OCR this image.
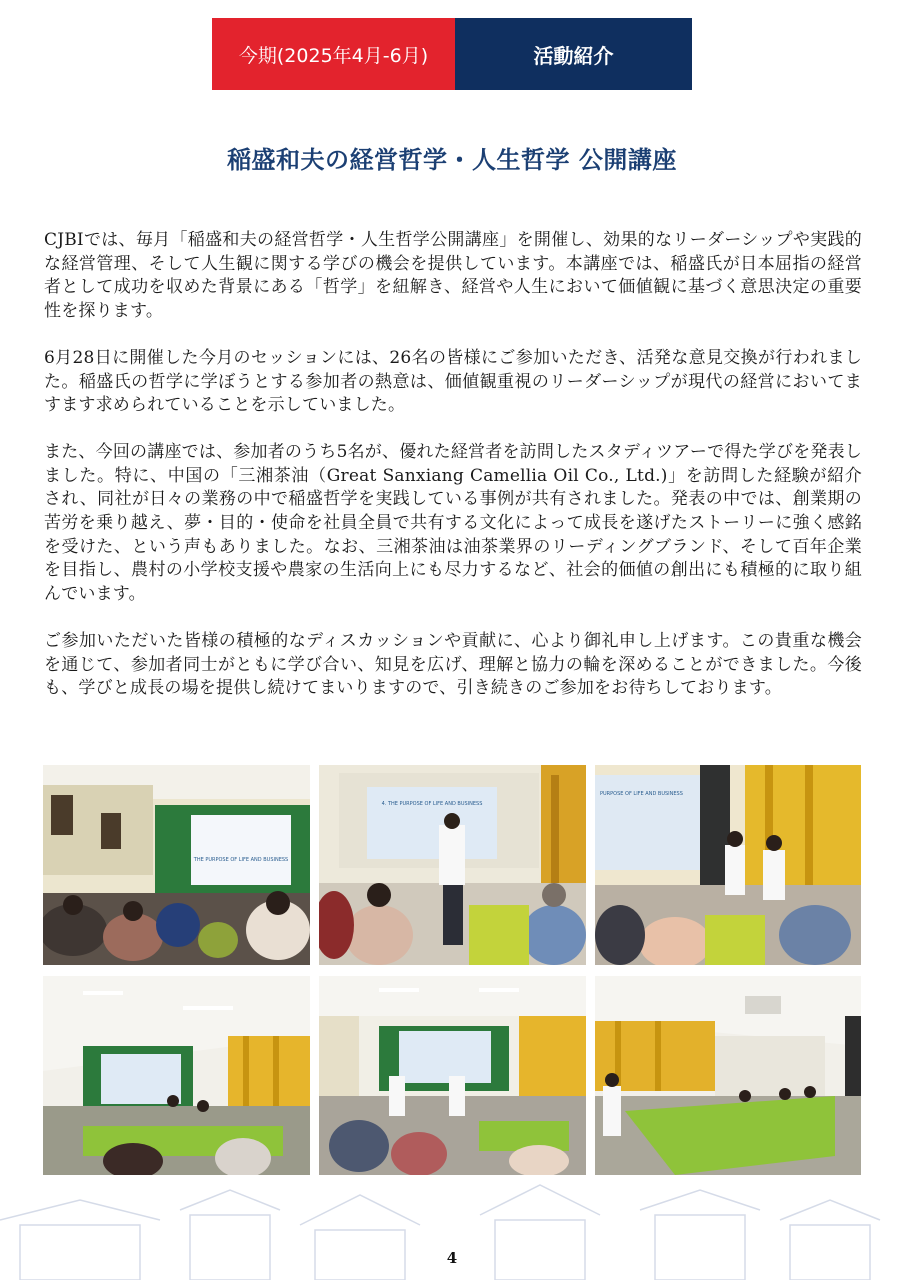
今期(2025年4月-6月)	活動紹介
稲盛和夫の経営哲学・人生哲学 公開講座

CJBIでは、毎月「稲盛和夫の経営哲学・人生哲学公開講座」を開催し、効果的なリーダーシップや実践的な経営管理、そして人生観に関する学びの機会を提供しています。本講座では、稲盛氏が日本屈指の経営者として成功を収めた背景にある「哲学」を紐解き、経営や人生において価値観に基づく意思決定の重要性を探ります。

6月28日に開催した今月のセッションには、26名の皆様にご参加いただき、活発な意見交換が行われました。稲盛氏の哲学に学ぼうとする参加者の熱意は、価値観重視のリーダーシップが現代の経営においてますます求められていることを示していました。

また、今回の講座では、参加者のうち5名が、優れた経営者を訪問したスタディツアーで得た学びを発表しました。特に、中国の「三湘茶油（Great Sanxiang Camellia Oil Co., Ltd.)」を訪問した経験が紹介され、同社が日々の業務の中で稲盛哲学を実践している事例が共有されました。発表の中では、創業期の苦労を乗り越え、夢・目的・使命を社員全員で共有する文化によって成長を遂げたストーリーに強く感銘を受けた、という声もありました。なお、三湘茶油は油茶業界のリーディングブランド、そして百年企業を目指し、農村の小学校支援や農家の生活向上にも尽力するなど、社会的価値の創出にも積極的に取り組んでいます。

ご参加いただいた皆様の積極的なディスカッションや貢献に、心より御礼申し上げます。この貴重な機会を通じて、参加者同士がともに学び合い、知見を広げ、理解と協力の輪を深めることができました。今後も、学びと成長の場を提供し続けてまいりますので、引き続きのご参加をお待ちしております。

THE PURPOSE OF LIFE AND BUSINESS
4. THE PURPOSE OF LIFE AND BUSINESS
PURPOSE OF LIFE AND BUSINESS
4
